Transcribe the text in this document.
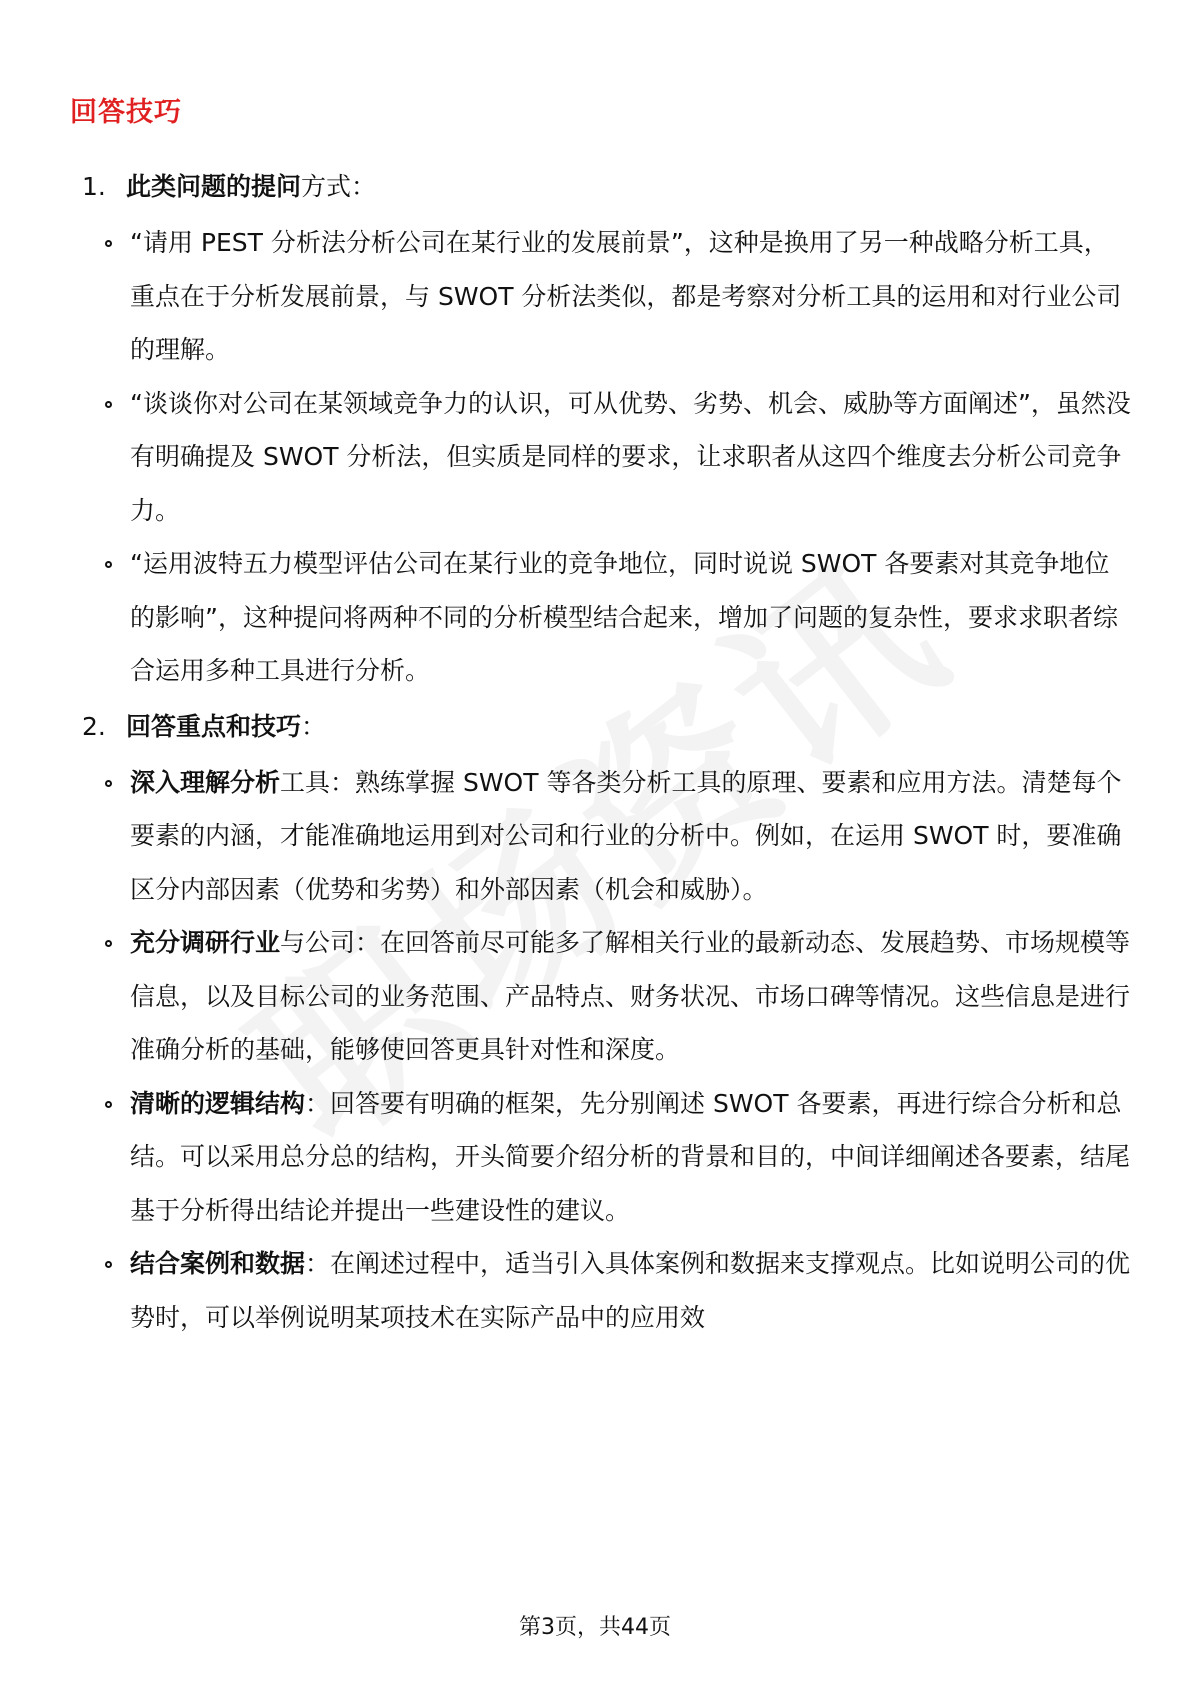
回答技巧
1. 此类问题的提问方式：
“请用 PEST 分析法分析公司在某行业的发展前景”，这种是换用了另一种战略分析工具，重点在于分析发展前景，与 SWOT 分析法类似，都是考察对分析工具的运用和对行业公司的理解。
“谈谈你对公司在某领域竞争力的认识，可从优势、劣势、机会、威胁等方面阐述”，虽然没有明确提及 SWOT 分析法，但实质是同样的要求，让求职者从这四个维度去分析公司竞争力。
“运用波特五力模型评估公司在某行业的竞争地位，同时说说 SWOT 各要素对其竞争地位的影响”，这种提问将两种不同的分析模型结合起来，增加了问题的复杂性，要求求职者综合运用多种工具进行分析。
2. 回答重点和技巧：
深入理解分析工具：熟练掌握 SWOT 等各类分析工具的原理、要素和应用方法。清楚每个要素的内涵，才能准确地运用到对公司和行业的分析中。例如，在运用 SWOT 时，要准确区分内部因素（优势和劣势）和外部因素（机会和威胁）。
充分调研行业与公司：在回答前尽可能多了解相关行业的最新动态、发展趋势、市场规模等信息，以及目标公司的业务范围、产品特点、财务状况、市场口碑等情况。这些信息是进行准确分析的基础，能够使回答更具针对性和深度。
清晰的逻辑结构：回答要有明确的框架，先分别阐述 SWOT 各要素，再进行综合分析和总结。可以采用总分总的结构，开头简要介绍分析的背景和目的，中间详细阐述各要素，结尾基于分析得出结论并提出一些建设性的建议。
结合案例和数据：在阐述过程中，适当引入具体案例和数据来支撑观点。比如说明公司的优势时，可以举例说明某项技术在实际产品中的应用效
第3页，共44页
